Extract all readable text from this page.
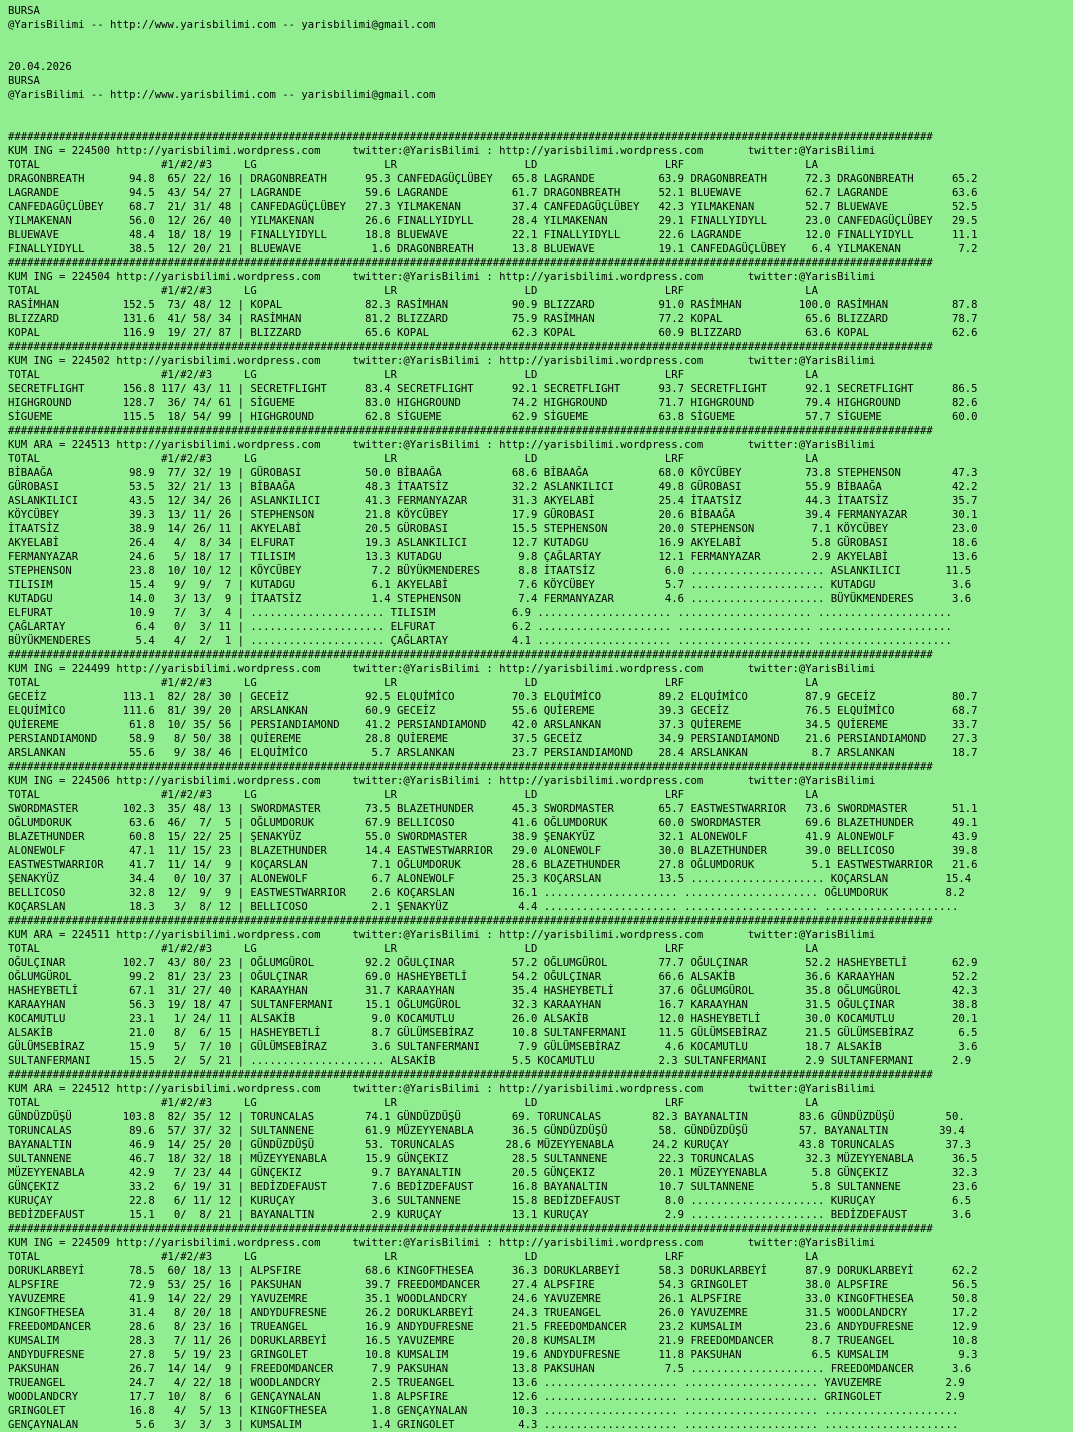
BURSA
@YarisBilimi -- http://www.yarisbilimi.com -- yarisbilimi@gmail.com
20.04.2026
BURSA
@YarisBilimi -- http://www.yarisbilimi.com -- yarisbilimi@gmail.com
#################################################################################################################################################
KUM ING = 224500 http://yarisbilimi.wordpress.com     twitter:@YarisBilimi : http://yarisbilimi.wordpress.com       twitter:@YarisBilimi
TOTAL                   #1/#2/#3     LG                    LR                    LD                    LRF                   LA
DRAGONBREATH       94.8  65/ 22/ 16 | DRAGONBREATH      95.3 CANFEDAGÜÇLÜBEY   65.8 LAGRANDE          63.9 DRAGONBREATH      72.3 DRAGONBREATH      65.2
LAGRANDE           94.5  43/ 54/ 27 | LAGRANDE          59.6 LAGRANDE          61.7 DRAGONBREATH      52.1 BLUEWAVE          62.7 LAGRANDE          63.6
CANFEDAGÜÇLÜBEY    68.7  21/ 31/ 48 | CANFEDAGÜÇLÜBEY   27.3 YILMAKENAN        37.4 CANFEDAGÜÇLÜBEY   42.3 YILMAKENAN        52.7 BLUEWAVE          52.5
YILMAKENAN         56.0  12/ 26/ 40 | YILMAKENAN        26.6 FINALLYIDYLL      28.4 YILMAKENAN        29.1 FINALLYIDYLL      23.0 CANFEDAGÜÇLÜBEY   29.5
BLUEWAVE           48.4  18/ 18/ 19 | FINALLYIDYLL      18.8 BLUEWAVE          22.1 FINALLYIDYLL      22.6 LAGRANDE          12.0 FINALLYIDYLL      11.1
FINALLYIDYLL       38.5  12/ 20/ 21 | BLUEWAVE           1.6 DRAGONBREATH      13.8 BLUEWAVE          19.1 CANFEDAGÜÇLÜBEY    6.4 YILMAKENAN         7.2
#################################################################################################################################################
KUM ING = 224504 http://yarisbilimi.wordpress.com     twitter:@YarisBilimi : http://yarisbilimi.wordpress.com       twitter:@YarisBilimi
TOTAL                   #1/#2/#3     LG                    LR                    LD                    LRF                   LA
RASİMHAN          152.5  73/ 48/ 12 | KOPAL             82.3 RASİMHAN          90.9 BLIZZARD          91.0 RASİMHAN         100.0 RASİMHAN          87.8
BLIZZARD          131.6  41/ 58/ 34 | RASİMHAN          81.2 BLIZZARD          75.9 RASİMHAN          77.2 KOPAL             65.6 BLIZZARD          78.7
KOPAL             116.9  19/ 27/ 87 | BLIZZARD          65.6 KOPAL             62.3 KOPAL             60.9 BLIZZARD          63.6 KOPAL             62.6
#################################################################################################################################################
KUM ING = 224502 http://yarisbilimi.wordpress.com     twitter:@YarisBilimi : http://yarisbilimi.wordpress.com       twitter:@YarisBilimi
TOTAL                   #1/#2/#3     LG                    LR                    LD                    LRF                   LA
SECRETFLIGHT      156.8 117/ 43/ 11 | SECRETFLIGHT      83.4 SECRETFLIGHT      92.1 SECRETFLIGHT      93.7 SECRETFLIGHT      92.1 SECRETFLIGHT      86.5
HIGHGROUND        128.7  36/ 74/ 61 | SİGUEME           83.0 HIGHGROUND        74.2 HIGHGROUND        71.7 HIGHGROUND        79.4 HIGHGROUND        82.6
SİGUEME           115.5  18/ 54/ 99 | HIGHGROUND        62.8 SİGUEME           62.9 SİGUEME           63.8 SİGUEME           57.7 SİGUEME           60.0
#################################################################################################################################################
KUM ARA = 224513 http://yarisbilimi.wordpress.com     twitter:@YarisBilimi : http://yarisbilimi.wordpress.com       twitter:@YarisBilimi
TOTAL                   #1/#2/#3     LG                    LR                    LD                    LRF                   LA
BİBAAĞA            98.9  77/ 32/ 19 | GÜROBASI          50.0 BİBAAĞA           68.6 BİBAAĞA           68.0 KÖYCÜBEY          73.8 STEPHENSON        47.3
GÜROBASI           53.5  32/ 21/ 13 | BİBAAĞA           48.3 İTAATSİZ          32.2 ASLANKILICI       49.8 GÜROBASI          55.9 BİBAAĞA           42.2
ASLANKILICI        43.5  12/ 34/ 26 | ASLANKILICI       41.3 FERMANYAZAR       31.3 AKYELABİ          25.4 İTAATSİZ          44.3 İTAATSİZ          35.7
KÖYCÜBEY           39.3  13/ 11/ 26 | STEPHENSON        21.8 KÖYCÜBEY          17.9 GÜROBASI          20.6 BİBAAĞA           39.4 FERMANYAZAR       30.1
İTAATSİZ           38.9  14/ 26/ 11 | AKYELABİ          20.5 GÜROBASI          15.5 STEPHENSON        20.0 STEPHENSON         7.1 KÖYCÜBEY          23.0
AKYELABİ           26.4   4/  8/ 34 | ELFURAT           19.3 ASLANKILICI       12.7 KUTADGU           16.9 AKYELABİ           5.8 GÜROBASI          18.6
FERMANYAZAR        24.6   5/ 18/ 17 | TILISIM           13.3 KUTADGU            9.8 ÇAĞLARTAY         12.1 FERMANYAZAR        2.9 AKYELABİ          13.6
STEPHENSON         23.8  10/ 10/ 12 | KÖYCÜBEY           7.2 BÜYÜKMENDERES      8.8 İTAATSİZ           6.0 ..................... ASLANKILICI       11.5
TILISIM            15.4   9/  9/  7 | KUTADGU            6.1 AKYELABİ           7.6 KÖYCÜBEY           5.7 ..................... KUTADGU            3.6
KUTADGU            14.0   3/ 13/  9 | İTAATSİZ           1.4 STEPHENSON         7.4 FERMANYAZAR        4.6 ..................... BÜYÜKMENDERES      3.6
ELFURAT            10.9   7/  3/  4 | ..................... TILISIM            6.9 ..................... ..................... .....................
ÇAĞLARTAY           6.4   0/  3/ 11 | ..................... ELFURAT            6.2 ..................... ..................... .....................
BÜYÜKMENDERES       5.4   4/  2/  1 | ..................... ÇAĞLARTAY          4.1 ..................... ..................... .....................
#################################################################################################################################################
KUM ING = 224499 http://yarisbilimi.wordpress.com     twitter:@YarisBilimi : http://yarisbilimi.wordpress.com       twitter:@YarisBilimi
TOTAL                   #1/#2/#3     LG                    LR                    LD                    LRF                   LA
GECEİZ            113.1  82/ 28/ 30 | GECEİZ            92.5 ELQUİMİCO         70.3 ELQUİMİCO         89.2 ELQUİMİCO         87.9 GECEİZ            80.7
ELQUİMİCO         111.6  81/ 39/ 20 | ARSLANKAN         60.9 GECEİZ            55.6 QUİEREME          39.3 GECEİZ            76.5 ELQUİMİCO         68.7
QUİEREME           61.8  10/ 35/ 56 | PERSIANDIAMOND    41.2 PERSIANDIAMOND    42.0 ARSLANKAN         37.3 QUİEREME          34.5 QUİEREME          33.7
PERSIANDIAMOND     58.9   8/ 50/ 38 | QUİEREME          28.8 QUİEREME          37.5 GECEİZ            34.9 PERSIANDIAMOND    21.6 PERSIANDIAMOND    27.3
ARSLANKAN          55.6   9/ 38/ 46 | ELQUİMİCO          5.7 ARSLANKAN         23.7 PERSIANDIAMOND    28.4 ARSLANKAN          8.7 ARSLANKAN         18.7
#################################################################################################################################################
KUM ING = 224506 http://yarisbilimi.wordpress.com     twitter:@YarisBilimi : http://yarisbilimi.wordpress.com       twitter:@YarisBilimi
TOTAL                   #1/#2/#3     LG                    LR                    LD                    LRF                   LA
SWORDMASTER       102.3  35/ 48/ 13 | SWORDMASTER       73.5 BLAZETHUNDER      45.3 SWORDMASTER       65.7 EASTWESTWARRIOR   73.6 SWORDMASTER       51.1
OĞLUMDORUK         63.6  46/  7/  5 | OĞLUMDORUK        67.9 BELLICOSO         41.6 OĞLUMDORUK        60.0 SWORDMASTER       69.6 BLAZETHUNDER      49.1
BLAZETHUNDER       60.8  15/ 22/ 25 | ŞENAKYÜZ          55.0 SWORDMASTER       38.9 ŞENAKYÜZ          32.1 ALONEWOLF         41.9 ALONEWOLF         43.9
ALONEWOLF          47.1  11/ 15/ 23 | BLAZETHUNDER      14.4 EASTWESTWARRIOR   29.0 ALONEWOLF         30.0 BLAZETHUNDER      39.0 BELLICOSO         39.8
EASTWESTWARRIOR    41.7  11/ 14/  9 | KOÇARSLAN          7.1 OĞLUMDORUK        28.6 BLAZETHUNDER      27.8 OĞLUMDORUK         5.1 EASTWESTWARRIOR   21.6
ŞENAKYÜZ           34.4   0/ 10/ 37 | ALONEWOLF          6.7 ALONEWOLF         25.3 KOÇARSLAN         13.5 ..................... KOÇARSLAN         15.4
BELLICOSO          32.8  12/  9/  9 | EASTWESTWARRIOR    2.6 KOÇARSLAN         16.1 ..................... ..................... OĞLUMDORUK         8.2
KOÇARSLAN          18.3   3/  8/ 12 | BELLICOSO          2.1 ŞENAKYÜZ           4.4 ..................... ..................... .....................
#################################################################################################################################################
KUM ARA = 224511 http://yarisbilimi.wordpress.com     twitter:@YarisBilimi : http://yarisbilimi.wordpress.com       twitter:@YarisBilimi
TOTAL                   #1/#2/#3     LG                    LR                    LD                    LRF                   LA
OĞULÇINAR         102.7  43/ 80/ 23 | OĞLUMGÜROL        92.2 OĞULÇINAR         57.2 OĞLUMGÜROL        77.7 OĞULÇINAR         52.2 HASHEYBETLİ       62.9
OĞLUMGÜROL         99.2  81/ 23/ 23 | OĞULÇINAR         69.0 HASHEYBETLİ       54.2 OĞULÇINAR         66.6 ALSAKİB           36.6 KARAAYHAN         52.2
HASHEYBETLİ        67.1  31/ 27/ 40 | KARAAYHAN         31.7 KARAAYHAN         35.4 HASHEYBETLİ       37.6 OĞLUMGÜROL        35.8 OĞLUMGÜROL        42.3
KARAAYHAN          56.3  19/ 18/ 47 | SULTANFERMANI     15.1 OĞLUMGÜROL        32.3 KARAAYHAN         16.7 KARAAYHAN         31.5 OĞULÇINAR         38.8
KOCAMUTLU          23.1   1/ 24/ 11 | ALSAKİB            9.0 KOCAMUTLU         26.0 ALSAKİB           12.0 HASHEYBETLİ       30.0 KOCAMUTLU         20.1
ALSAKİB            21.0   8/  6/ 15 | HASHEYBETLİ        8.7 GÜLÜMSEBİRAZ      10.8 SULTANFERMANI     11.5 GÜLÜMSEBİRAZ      21.5 GÜLÜMSEBİRAZ       6.5
GÜLÜMSEBİRAZ       15.9   5/  7/ 10 | GÜLÜMSEBİRAZ       3.6 SULTANFERMANI      7.9 GÜLÜMSEBİRAZ       4.6 KOCAMUTLU         18.7 ALSAKİB            3.6
SULTANFERMANI      15.5   2/  5/ 21 | ..................... ALSAKİB            5.5 KOCAMUTLU          2.3 SULTANFERMANI      2.9 SULTANFERMANI      2.9
#################################################################################################################################################
KUM ARA = 224512 http://yarisbilimi.wordpress.com     twitter:@YarisBilimi : http://yarisbilimi.wordpress.com       twitter:@YarisBilimi
TOTAL                   #1/#2/#3     LG                    LR                    LD                    LRF                   LA
GÜNDÜZDÜŞÜ        103.8  82/ 35/ 12 | TORUNCALAS        74.1 GÜNDÜZDÜŞÜ        69. TORUNCALAS        82.3 BAYANALTIN        83.6 GÜNDÜZDÜŞÜ        50.
TORUNCALAS         89.6  57/ 37/ 32 | SULTANNENE        61.9 MÜZEYYENABLA      36.5 GÜNDÜZDÜŞÜ        58. GÜNDÜZDÜŞÜ        57. BAYANALTIN        39.4
BAYANALTIN         46.9  14/ 25/ 20 | GÜNDÜZDÜŞÜ        53. TORUNCALAS        28.6 MÜZEYYENABLA      24.2 KURUÇAY           43.8 TORUNCALAS        37.3
SULTANNENE         46.7  18/ 32/ 18 | MÜZEYYENABLA      15.9 GÜNÇEKIZ          28.5 SULTANNENE        22.3 TORUNCALAS        32.3 MÜZEYYENABLA      36.5
MÜZEYYENABLA       42.9   7/ 23/ 44 | GÜNÇEKIZ           9.7 BAYANALTIN        20.5 GÜNÇEKIZ          20.1 MÜZEYYENABLA       5.8 GÜNÇEKIZ          32.3
GÜNÇEKIZ           33.2   6/ 19/ 31 | BEDİZDEFAUST       7.6 BEDİZDEFAUST      16.8 BAYANALTIN        10.7 SULTANNENE         5.8 SULTANNENE        23.6
KURUÇAY            22.8   6/ 11/ 12 | KURUÇAY            3.6 SULTANNENE        15.8 BEDİZDEFAUST       8.0 ..................... KURUÇAY            6.5
BEDİZDEFAUST       15.1   0/  8/ 21 | BAYANALTIN         2.9 KURUÇAY           13.1 KURUÇAY            2.9 ..................... BEDİZDEFAUST       3.6
#################################################################################################################################################
KUM ING = 224509 http://yarisbilimi.wordpress.com     twitter:@YarisBilimi : http://yarisbilimi.wordpress.com       twitter:@YarisBilimi
TOTAL                   #1/#2/#3     LG                    LR                    LD                    LRF                   LA
DORUKLARBEYİ       78.5  60/ 18/ 13 | ALPSFIRE          68.6 KINGOFTHESEA      36.3 DORUKLARBEYİ      58.3 DORUKLARBEYİ      87.9 DORUKLARBEYİ      62.2
ALPSFIRE           72.9  53/ 25/ 16 | PAKSUHAN          39.7 FREEDOMDANCER     27.4 ALPSFIRE          54.3 GRINGOLET         38.0 ALPSFIRE          56.5
YAVUZEMRE          41.9  14/ 22/ 29 | YAVUZEMRE         35.1 WOODLANDCRY       24.6 YAVUZEMRE         26.1 ALPSFIRE          33.0 KINGOFTHESEA      50.8
KINGOFTHESEA       31.4   8/ 20/ 18 | ANDYDUFRESNE      26.2 DORUKLARBEYİ      24.3 TRUEANGEL         26.0 YAVUZEMRE         31.5 WOODLANDCRY       17.2
FREEDOMDANCER      28.6   8/ 23/ 16 | TRUEANGEL         16.9 ANDYDUFRESNE      21.5 FREEDOMDANCER     23.2 KUMSALIM          23.6 ANDYDUFRESNE      12.9
KUMSALIM           28.3   7/ 11/ 26 | DORUKLARBEYİ      16.5 YAVUZEMRE         20.8 KUMSALIM          21.9 FREEDOMDANCER      8.7 TRUEANGEL         10.8
ANDYDUFRESNE       27.8   5/ 19/ 23 | GRINGOLET         10.8 KUMSALIM          19.6 ANDYDUFRESNE      11.8 PAKSUHAN           6.5 KUMSALIM           9.3
PAKSUHAN           26.7  14/ 14/  9 | FREEDOMDANCER      7.9 PAKSUHAN          13.8 PAKSUHAN           7.5 ..................... FREEDOMDANCER      3.6
TRUEANGEL          24.7   4/ 22/ 18 | WOODLANDCRY        2.5 TRUEANGEL         13.6 ..................... ..................... YAVUZEMRE          2.9
WOODLANDCRY        17.7  10/  8/  6 | GENÇAYNALAN        1.8 ALPSFIRE          12.6 ..................... ..................... GRINGOLET          2.9
GRINGOLET          16.8   4/  5/ 13 | KINGOFTHESEA       1.8 GENÇAYNALAN       10.3 ..................... ..................... .....................
GENÇAYNALAN         5.6   3/  3/  3 | KUMSALIM           1.4 GRINGOLET          4.3 ..................... ..................... .....................
